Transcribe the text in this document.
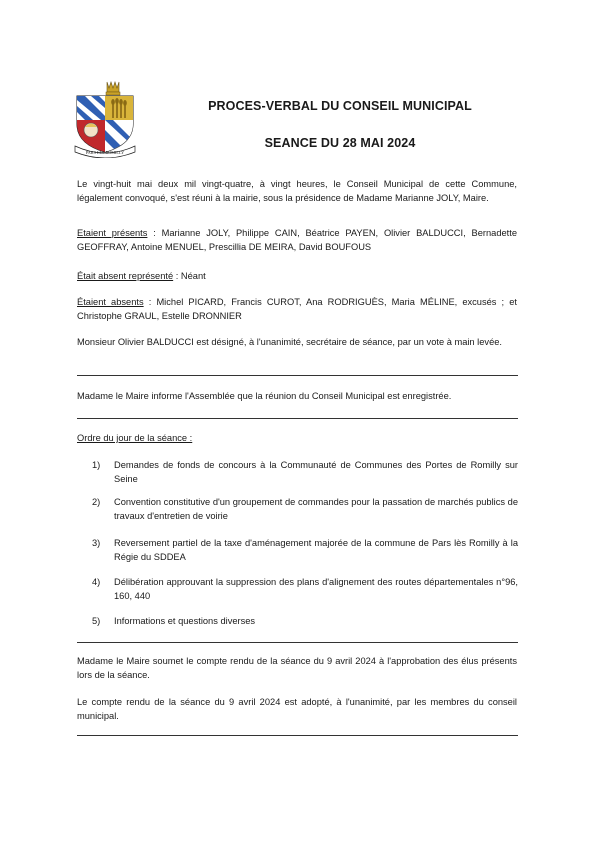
PARS LES ROMILLY
PROCES-VERBAL DU CONSEIL MUNICIPAL
SEANCE DU 28 MAI 2024
Le vingt-huit mai deux mil vingt-quatre, à vingt heures, le Conseil Municipal de cette Commune, légalement convoqué, s'est réuni à la mairie, sous la présidence de Madame Marianne JOLY, Maire.
Etaient présents : Marianne JOLY, Philippe CAIN, Béatrice PAYEN, Olivier BALDUCCI, Bernadette GEOFFRAY, Antoine MENUEL, Prescillia DE MEIRA, David BOUFOUS
Était absent représenté : Néant
Étaient absents : Michel PICARD, Francis CUROT, Ana RODRIGUÈS, Maria MÉLINE, excusés ; et Christophe GRAUL, Estelle DRONNIER
Monsieur Olivier BALDUCCI est désigné, à l'unanimité, secrétaire de séance, par un vote à main levée.
Madame le Maire informe l'Assemblée que la réunion du Conseil Municipal est enregistrée.
Ordre du jour de la séance :
1)	Demandes de fonds de concours à la Communauté de Communes des Portes de Romilly sur Seine
2)	Convention constitutive d'un groupement de commandes pour la passation de marchés publics de travaux d'entretien de voirie
3)	Reversement partiel de la taxe d'aménagement majorée de la commune de Pars lès Romilly à la Régie du SDDEA
4)	Délibération approuvant la suppression des plans d'alignement des routes départementales n°96, 160, 440
5)	Informations et questions diverses
Madame le Maire soumet le compte rendu de la séance du 9 avril 2024 à l'approbation des élus présents lors de la séance.
Le compte rendu de la séance du 9 avril 2024 est adopté, à l'unanimité, par les membres du conseil municipal.
